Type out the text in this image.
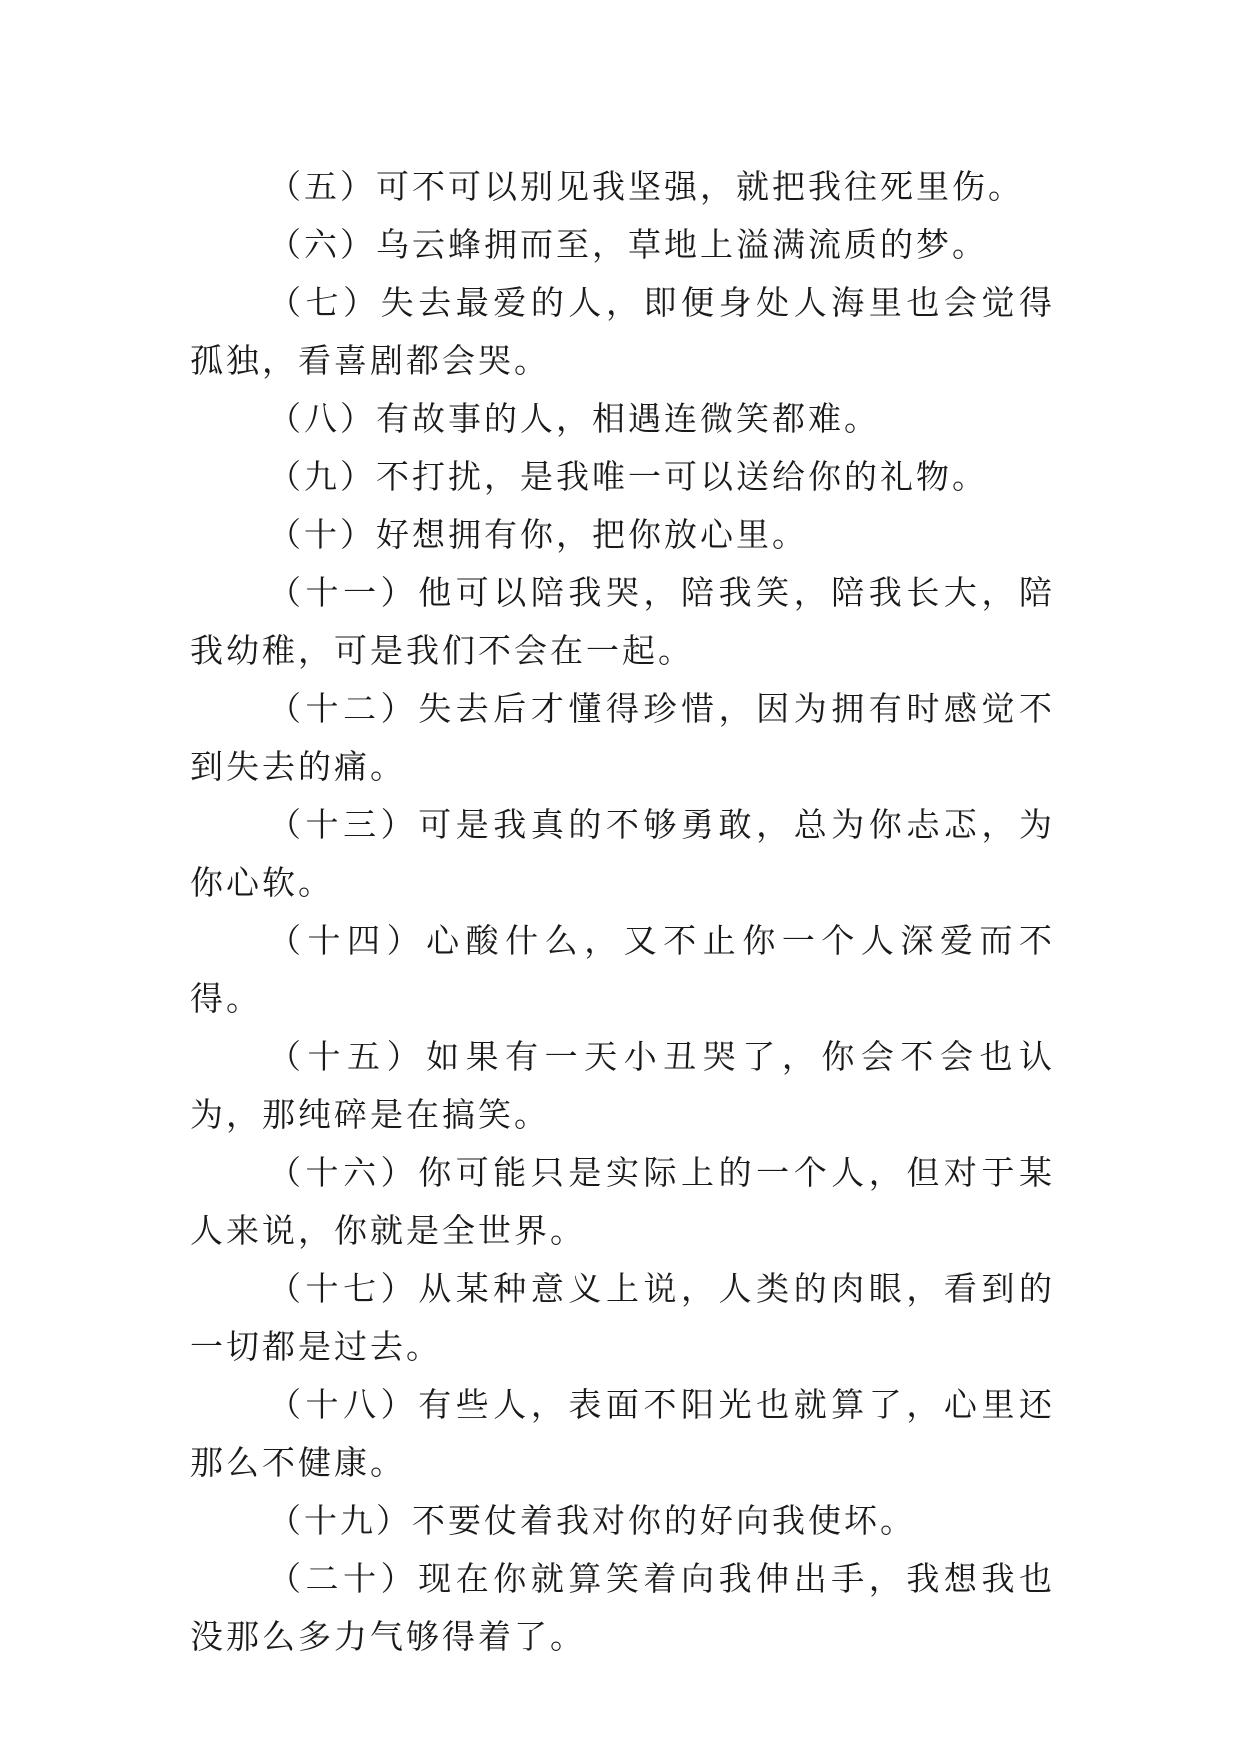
（五）可不可以别见我坚强，就把我往死里伤。

（六）乌云蜂拥而至，草地上溢满流质的梦。

（七）失去最爱的人，即便身处人海里也会觉得孤独，看喜剧都会哭。

（八）有故事的人，相遇连微笑都难。

（九）不打扰，是我唯一可以送给你的礼物。

（十）好想拥有你，把你放心里。

（十一）他可以陪我哭，陪我笑，陪我长大，陪我幼稚，可是我们不会在一起。

（十二）失去后才懂得珍惜，因为拥有时感觉不到失去的痛。

（十三）可是我真的不够勇敢，总为你忐忑，为你心软。

（十四）心酸什么，又不止你一个人深爱而不得。

（十五）如果有一天小丑哭了，你会不会也认为，那纯碎是在搞笑。

（十六）你可能只是实际上的一个人，但对于某人来说，你就是全世界。

（十七）从某种意义上说，人类的肉眼，看到的一切都是过去。

（十八）有些人，表面不阳光也就算了，心里还那么不健康。

（十九）不要仗着我对你的好向我使坏。

（二十）现在你就算笑着向我伸出手，我想我也没那么多力气够得着了。
